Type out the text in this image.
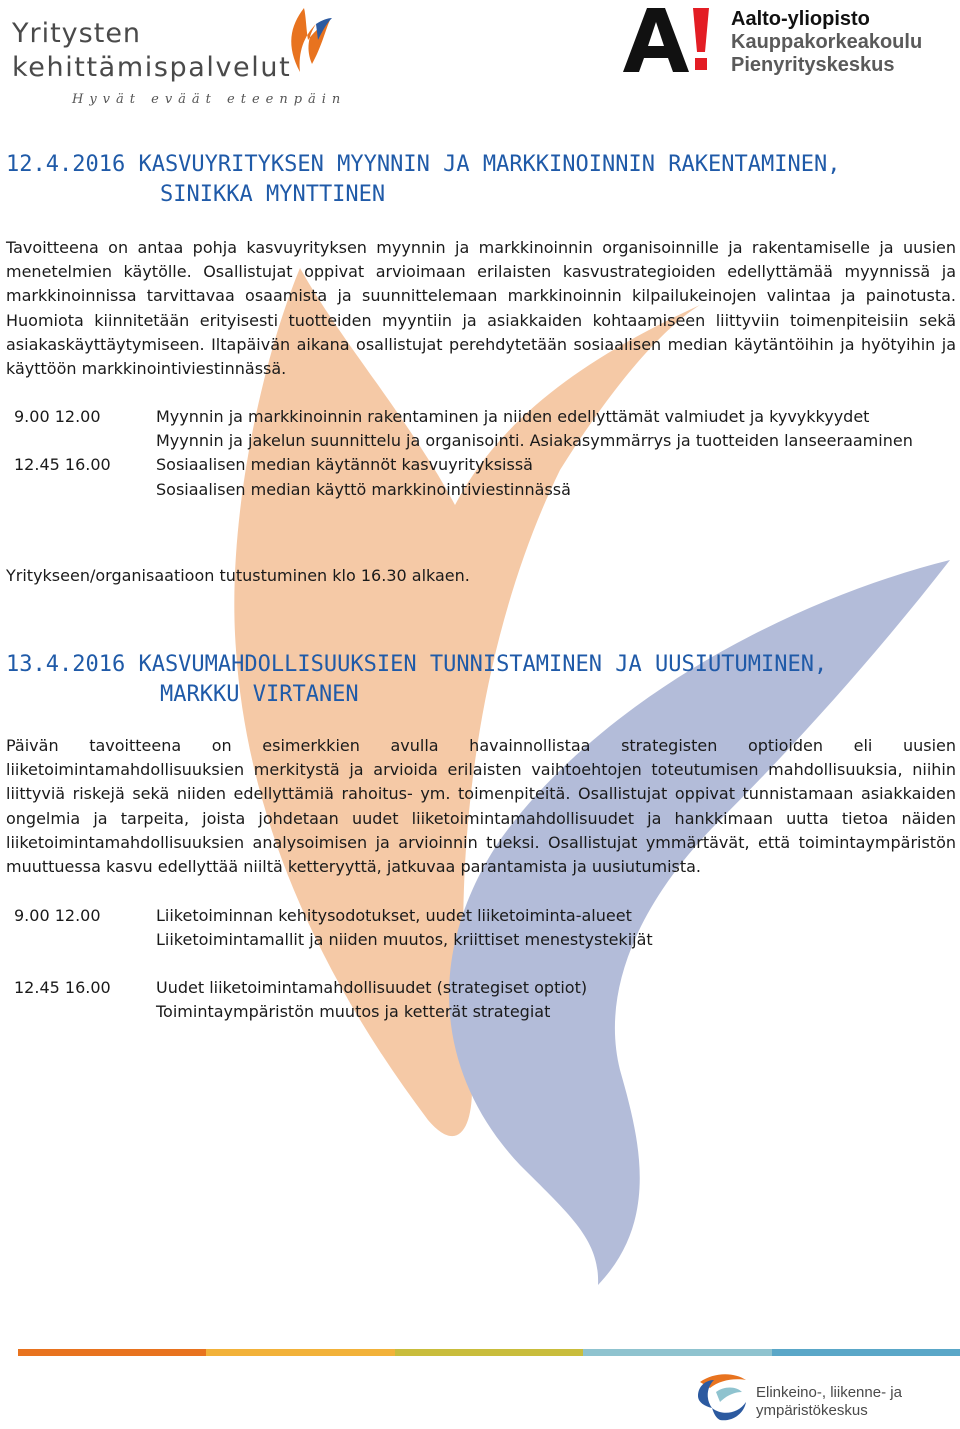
Yritysten
kehittämispalvelut
Hyvät eväät eteenpäin
Aalto-yliopisto
Kauppakorkeakoulu
Pienyrityskeskus
12.4.2016 KASVUYRITYKSEN MYYNNIN JA MARKKINOINNIN RAKENTAMINEN,
SINIKKA MYNTTINEN

Tavoitteena on antaa pohja kasvuyrityksen myynnin ja markkinoinnin organisoinnille ja rakentamiselle ja uusien menetelmien käytölle. Osallistujat oppivat arvioimaan erilaisten kasvustrategioiden edellyttämää myynnissä ja markkinoinnissa tarvittavaa osaamista ja suunnittelemaan markkinoinnin kilpailukeinojen valintaa ja painotusta. Huomiota kiinnitetään erityisesti tuotteiden myyntiin ja asiakkaiden kohtaamiseen liittyviin toimenpiteisiin sekä asiakaskäyttäytymiseen. Iltapäivän aikana osallistujat perehdytetään sosiaalisen median käytäntöihin ja hyötyihin ja käyttöön markkinointiviestinnässä.

9.00 12.00	Myynnin ja markkinoinnin rakentaminen ja niiden edellyttämät valmiudet ja kyvykkyydet
Myynnin ja jakelun suunnittelu ja organisointi. Asiakasymmärrys ja tuotteiden lanseeraaminen
12.45 16.00	Sosiaalisen median käytännöt kasvuyrityksissä
Sosiaalisen median käyttö markkinointiviestinnässä
Yritykseen/organisaatioon tutustuminen klo 16.30 alkaen.
13.4.2016 KASVUMAHDOLLISUUKSIEN TUNNISTAMINEN JA UUSIUTUMINEN,
MARKKU VIRTANEN

Päivän tavoitteena on esimerkkien avulla havainnollistaa strategisten optioiden eli uusien liiketoimintamahdollisuuksien merkitystä ja arvioida erilaisten vaihtoehtojen toteutumisen mahdollisuuksia, niihin liittyviä riskejä sekä niiden edellyttämiä rahoitus- ym. toimenpiteitä. Osallistujat oppivat tunnistamaan asiakkaiden ongelmia ja tarpeita, joista johdetaan uudet liiketoimintamahdollisuudet ja hankkimaan uutta tietoa näiden liiketoimintamahdollisuuksien analysoimisen ja arvioinnin tueksi. Osallistujat ymmärtävät, että toimintaympäristön muuttuessa kasvu edellyttää niiltä ketteryyttä, jatkuvaa parantamista ja uusiutumista.

9.00 12.00	Liiketoiminnan kehitysodotukset, uudet liiketoiminta-alueet
Liiketoimintamallit ja niiden muutos, kriittiset menestystekijät
12.45 16.00	Uudet liiketoimintamahdollisuudet (strategiset optiot)
Toimintaympäristön muutos ja ketterät strategiat
Elinkeino-, liikenne- ja
ympäristökeskus
